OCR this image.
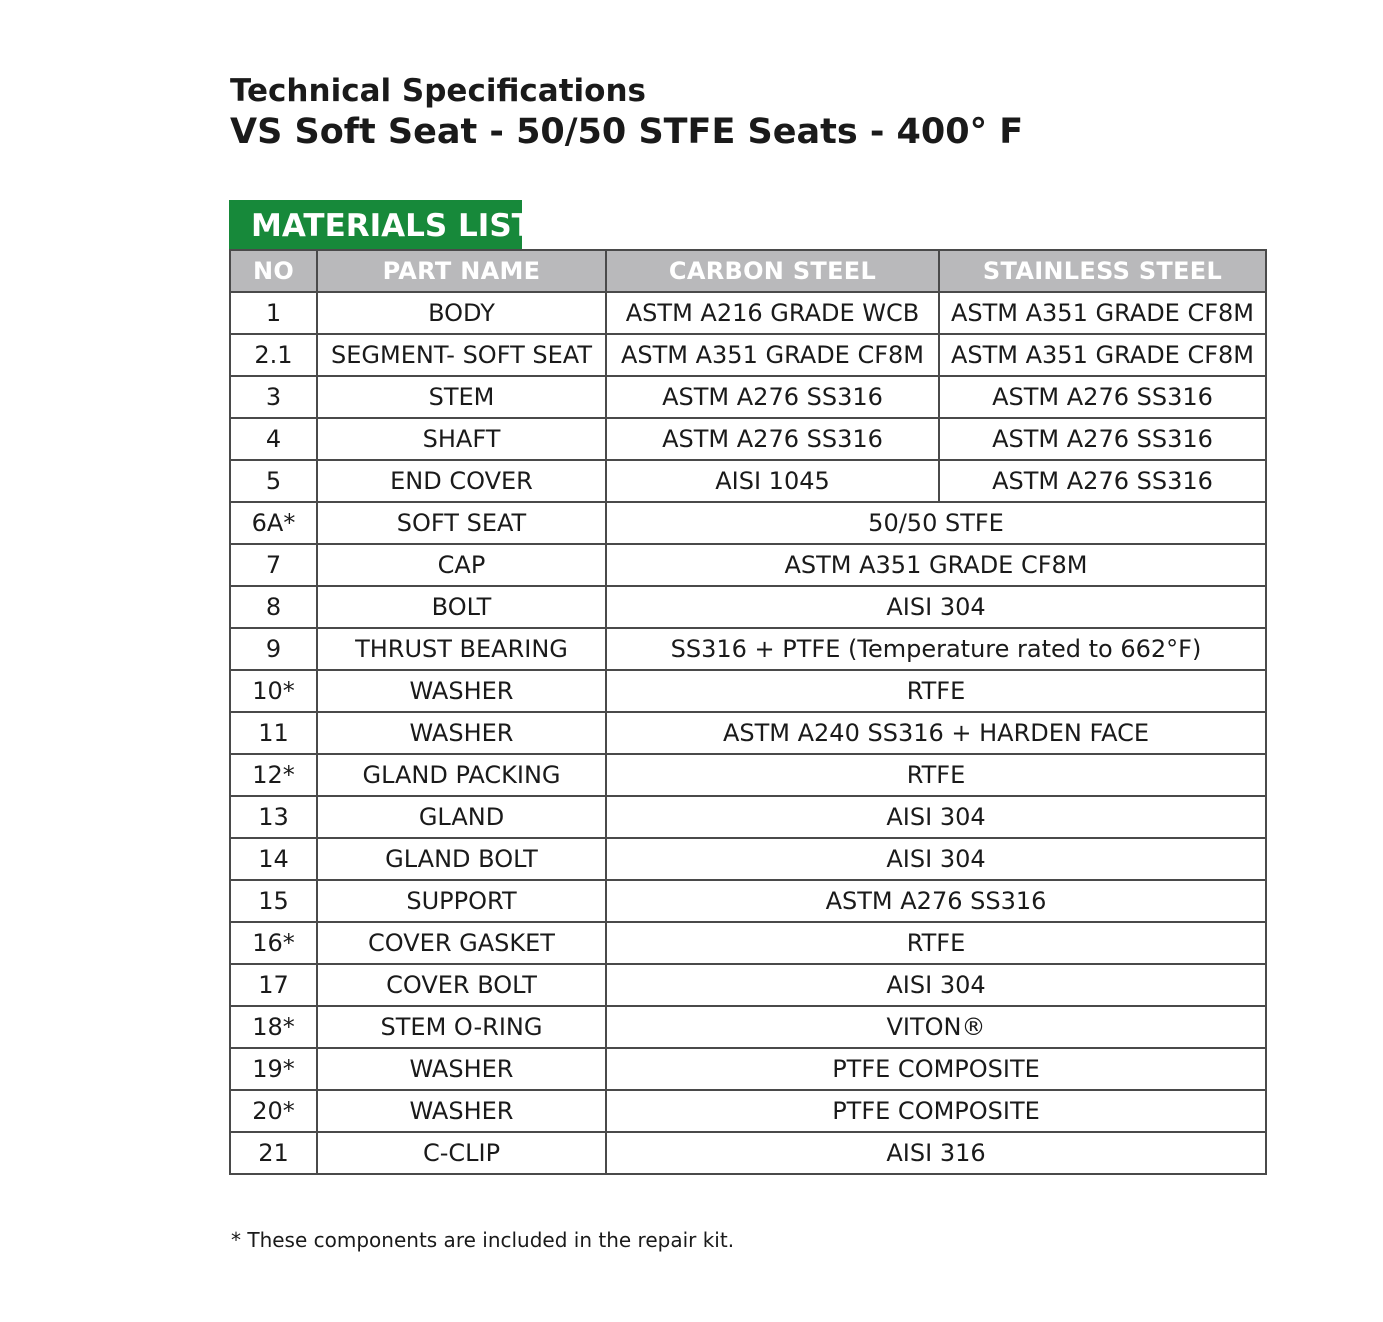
Technical Specifications
VS Soft Seat - 50/50 STFE Seats - 400° F
MATERIALS LIST
NO	PART NAME	CARBON STEEL	STAINLESS STEEL
1	BODY	ASTM A216 GRADE WCB	ASTM A351 GRADE CF8M
2.1	SEGMENT- SOFT SEAT	ASTM A351 GRADE CF8M	ASTM A351 GRADE CF8M
3	STEM	ASTM A276 SS316	ASTM A276 SS316
4	SHAFT	ASTM A276 SS316	ASTM A276 SS316
5	END COVER	AISI 1045	ASTM A276 SS316
6A*	SOFT SEAT	50/50 STFE	
7	CAP	ASTM A351 GRADE CF8M	
8	BOLT	AISI 304	
9	THRUST BEARING	SS316 + PTFE (Temperature rated to 662°F)	
10*	WASHER	RTFE	
11	WASHER	ASTM A240 SS316 + HARDEN FACE	
12*	GLAND PACKING	RTFE	
13	GLAND	AISI 304	
14	GLAND BOLT	AISI 304	
15	SUPPORT	ASTM A276 SS316	
16*	COVER GASKET	RTFE	
17	COVER BOLT	AISI 304	
18*	STEM O-RING	VITON®	
19*	WASHER	PTFE COMPOSITE	
20*	WASHER	PTFE COMPOSITE	
21	C-CLIP	AISI 316	
* These components are included in the repair kit.
